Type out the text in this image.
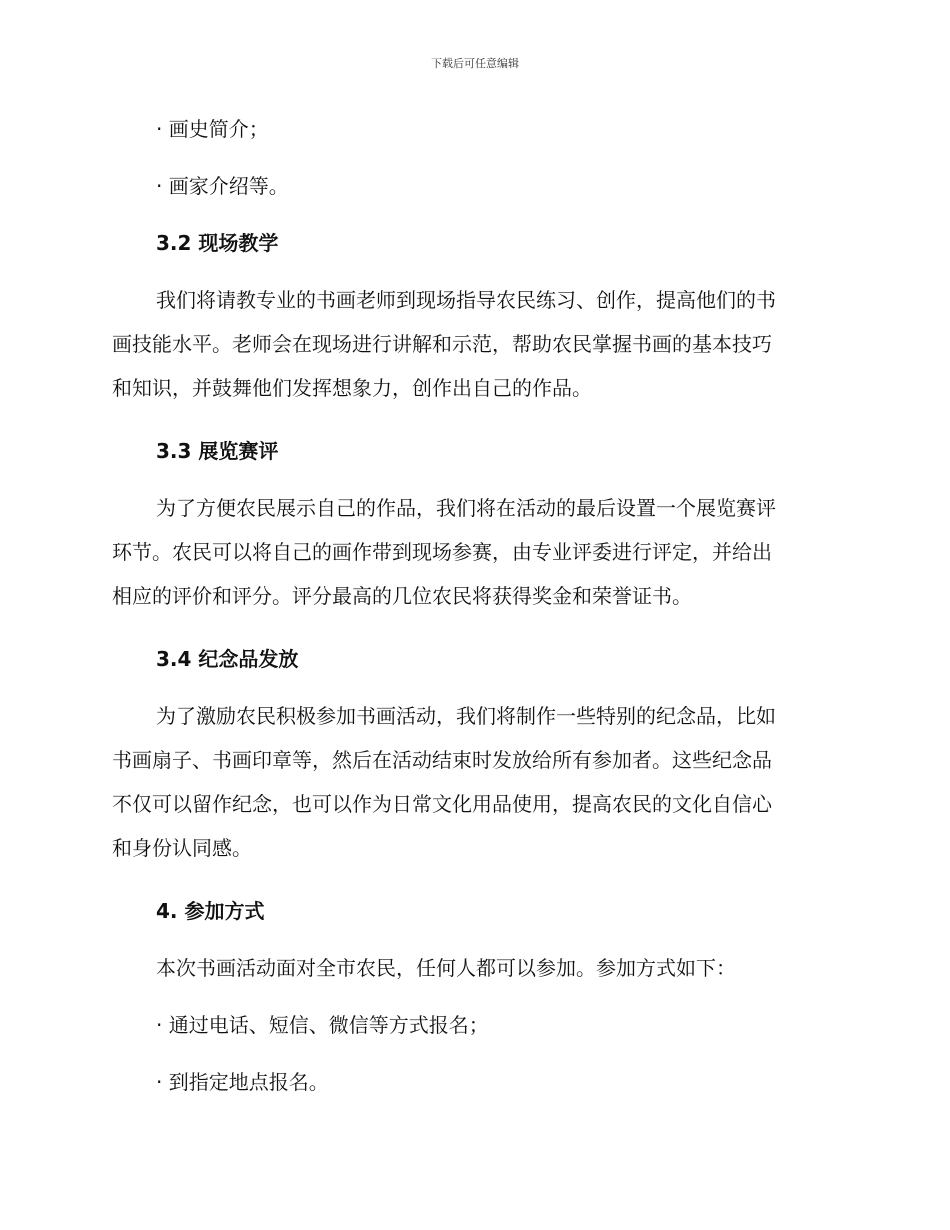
下载后可任意编辑

· 画史简介；

· 画家介绍等。

3.2 现场教学

我们将请教专业的书画老师到现场指导农民练习、创作，提高他们的书

画技能水平。老师会在现场进行讲解和示范，帮助农民掌握书画的基本技巧

和知识，并鼓舞他们发挥想象力，创作出自己的作品。

3.3 展览赛评

为了方便农民展示自己的作品，我们将在活动的最后设置一个展览赛评

环节。农民可以将自己的画作带到现场参赛，由专业评委进行评定，并给出

相应的评价和评分。评分最高的几位农民将获得奖金和荣誉证书。

3.4 纪念品发放

为了激励农民积极参加书画活动，我们将制作一些特别的纪念品，比如

书画扇子、书画印章等，然后在活动结束时发放给所有参加者。这些纪念品

不仅可以留作纪念，也可以作为日常文化用品使用，提高农民的文化自信心

和身份认同感。

4. 参加方式

本次书画活动面对全市农民，任何人都可以参加。参加方式如下：

· 通过电话、短信、微信等方式报名；

· 到指定地点报名。
